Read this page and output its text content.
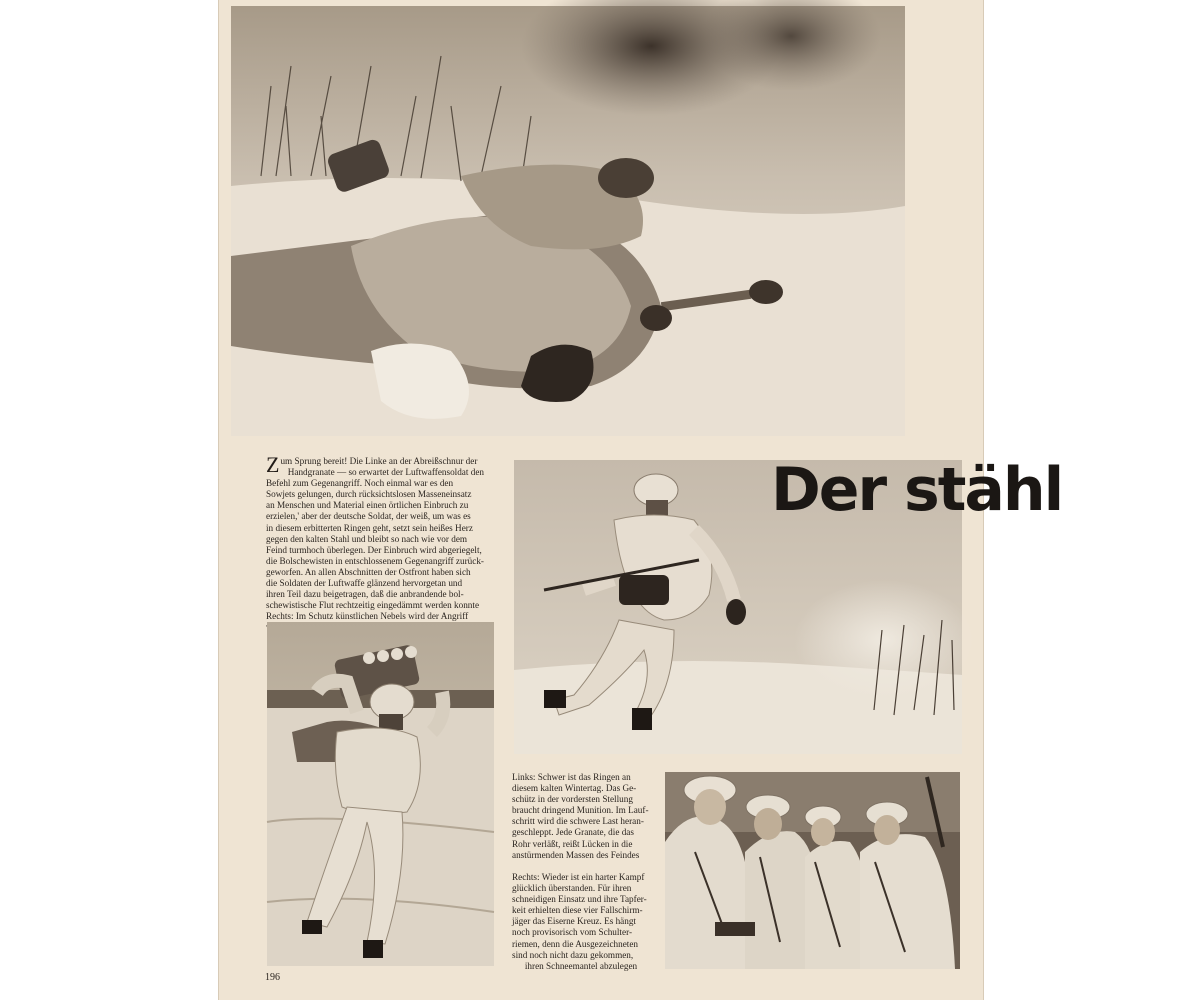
Z um Sprung bereit! Die Linke an der Abreißschnur der
Handgranate — so erwartet der Luftwaffensoldat den
Befehl zum Gegenangriff. Noch einmal war es den
Sowjets gelungen, durch rücksichtslosen Masseneinsatz
an Menschen und Material einen örtlichen Einbruch zu
erzielen,' aber der deutsche Soldat, der weiß, um was es
in diesem erbitterten Ringen geht, setzt sein heißes Herz
gegen den kalten Stahl und bleibt so nach wie vor dem
Feind turmhoch überlegen. Der Einbruch wird abgeriegelt,
die Bolschewisten in entschlossenem Gegenangriff zurück-
geworfen. An allen Abschnitten der Ostfront haben sich
die Soldaten der Luftwaffe glänzend hervorgetan und
ihren Teil dazu beigetragen, daß die anbrandende bol-
schewistische Flut rechtzeitig eingedämmt werden konnte
Rechts: Im Schutz künstlichen Nebels wird der Angriff
Der stähl
Links: Schwer ist das Ringen an
diesem kalten Wintertag. Das Ge-
schütz in der vordersten Stellung
braucht dringend Munition. Im Lauf-
schritt wird die schwere Last heran-
geschleppt. Jede Granate, die das
Rohr verläßt, reißt Lücken in die
anstürmenden Massen des Feindes
Rechts: Wieder ist ein harter Kampf
glücklich überstanden. Für ihren
schneidigen Einsatz und ihre Tapfer-
keit erhielten diese vier Fallschirm-
jäger das Eiserne Kreuz. Es hängt
noch provisorisch vom Schulter-
riemen, denn die Ausgezeichneten
sind noch nicht dazu gekommen,
ihren Schneemantel abzulegen
196
